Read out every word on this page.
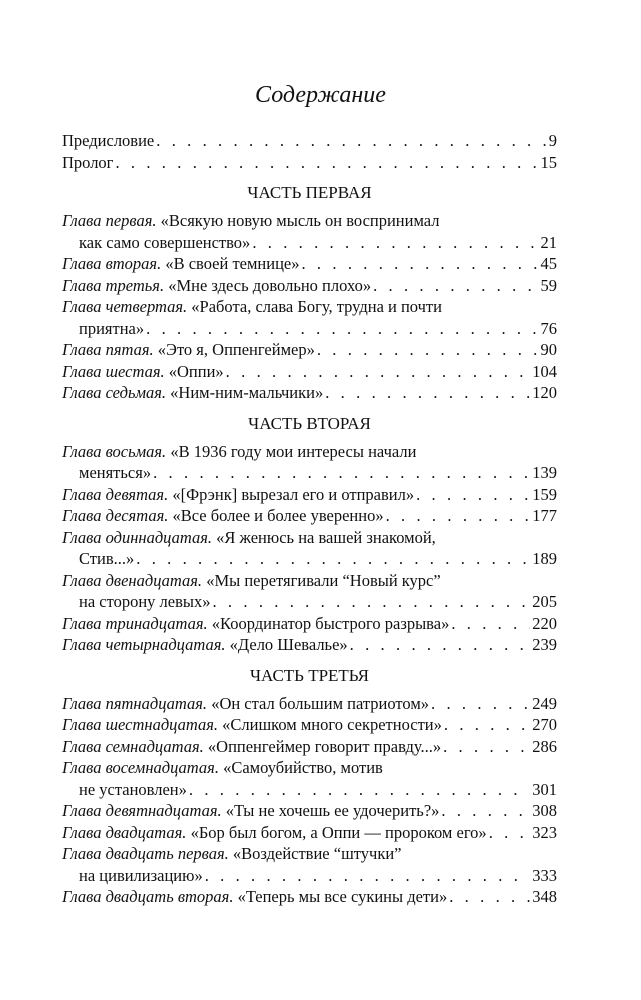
Содержание
Предисловие . . .	9
Пролог . . .	15
ЧАСТЬ ПЕРВАЯ
Глава первая.
«Всякую новую мысль он воспринимал
как само совершенство» . . .	21
Глава вторая.
«В своей темнице» . . .	45
Глава третья.
«Мне здесь довольно плохо» . . .	59
Глава четвертая.
«Работа, слава Богу, трудна и почти
приятна» . . .	76
Глава пятая.
«Это я, Оппенгеймер» . . .	90
Глава шестая.
«Оппи» . . .	104
Глава седьмая.
«Ним-ним-мальчики» . . .	120
ЧАСТЬ ВТОРАЯ
Глава восьмая.
«В 1936 году мои интересы начали
меняться» . . .	139
Глава девятая.
«[Фрэнк] вырезал его и отправил» . . .	159
Глава десятая.
«Все более и более уверенно» . . .	177
Глава одиннадцатая.
«Я женюсь на вашей знакомой,
Стив...» . . .	189
Глава двенадцатая.
«Мы перетягивали “Новый курс”
на сторону левых» . . .	205
Глава тринадцатая.
«Координатор быстрого разрыва» . . .	220
Глава четырнадцатая.
«Дело Шевалье» . . .	239
ЧАСТЬ ТРЕТЬЯ
Глава пятнадцатая.
«Он стал большим патриотом» . . .	249
Глава шестнадцатая.
«Слишком много секретности» . . .	270
Глава семнадцатая.
«Оппенгеймер говорит правду...» . . .	286
Глава восемнадцатая.
«Самоубийство, мотив
не установлен» . . .	301
Глава девятнадцатая.
«Ты не хочешь ее удочерить?» . . .	308
Глава двадцатая.
«Бор был богом, а Оппи — пророком его» . . .	323
Глава двадцать первая.
«Воздействие “штучки”
на цивилизацию» . . .	333
Глава двадцать вторая.
«Теперь мы все сукины дети» . . .	348
